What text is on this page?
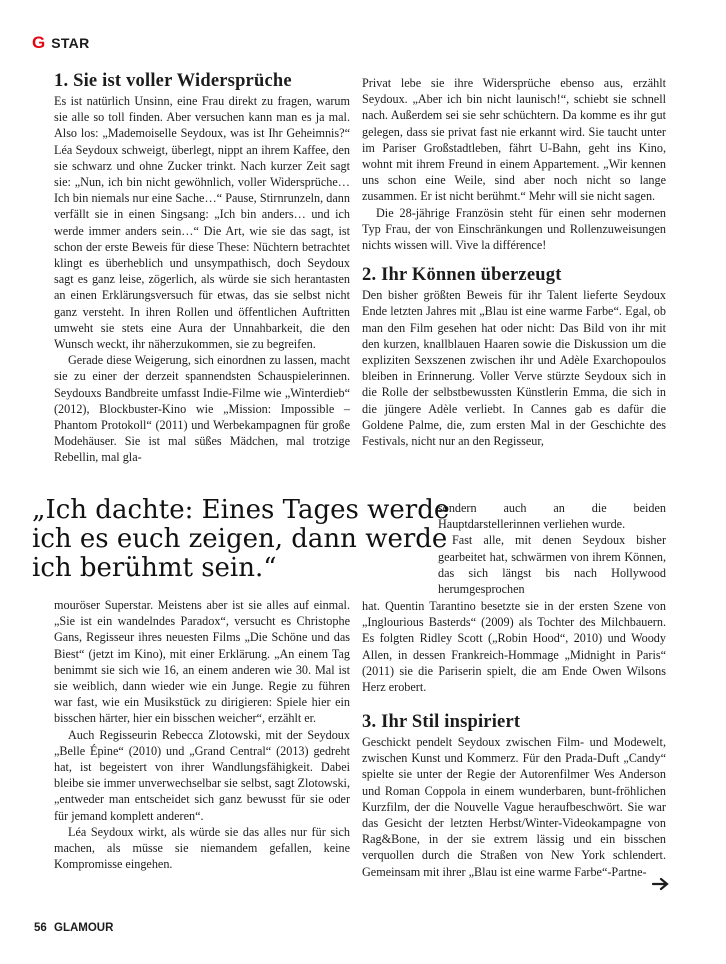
G STAR
1. Sie ist voller Widersprüche

Es ist natürlich Unsinn, eine Frau direkt zu fragen, warum sie alle so toll finden. Aber versuchen kann man es ja mal. Also los: „Mademoiselle Seydoux, was ist Ihr Geheimnis?“ Léa Seydoux schweigt, überlegt, nippt an ihrem Kaffee, den sie schwarz und ohne Zucker trinkt. Nach kurzer Zeit sagt sie: „Nun, ich bin nicht gewöhnlich, voller Widersprüche… Ich bin niemals nur eine Sache…“ Pause, Stirnrunzeln, dann verfällt sie in einen Singsang: „Ich bin anders… und ich werde immer anders sein…“ Die Art, wie sie das sagt, ist schon der erste Beweis für diese These: Nüchtern betrachtet klingt es überheblich und unsympathisch, doch Seydoux sagt es ganz leise, zögerlich, als würde sie sich herantasten an einen Erklärungsversuch für etwas, das sie selbst nicht ganz versteht. In ihren Rollen und öffentlichen Auftritten umweht sie stets eine Aura der Unnahbarkeit, die den Wunsch weckt, ihr näherzukommen, sie zu begreifen.

Gerade diese Weigerung, sich einordnen zu lassen, macht sie zu einer der derzeit spannendsten Schauspielerinnen. Seydouxs Bandbreite umfasst Indie-Filme wie „Winterdieb“ (2012), Blockbuster-Kino wie „Mission: Impossible – Phantom Protokoll“ (2011) und Werbekampagnen für große Modehäuser. Sie ist mal süßes Mädchen, mal trotzige Rebellin, mal gla-

„Ich dachte: Eines Tages werde ich es euch zeigen, dann werde ich berühmt sein.“

mouröser Superstar. Meistens aber ist sie alles auf einmal. „Sie ist ein wandelndes Paradox“, versucht es Christophe Gans, Regisseur ihres neuesten Films „Die Schöne und das Biest“ (jetzt im Kino), mit einer Erklärung. „An einem Tag benimmt sie sich wie 16, an einem anderen wie 30. Mal ist sie weiblich, dann wieder wie ein Junge. Regie zu führen war fast, wie ein Musikstück zu dirigieren: Spiele hier ein bisschen härter, hier ein bisschen weicher“, erzählt er.

Auch Regisseurin Rebecca Zlotowski, mit der Seydoux „Belle Épine“ (2010) und „Grand Central“ (2013) gedreht hat, ist begeistert von ihrer Wandlungsfähigkeit. Dabei bleibe sie immer unverwechselbar sie selbst, sagt Zlotowski, „entweder man entscheidet sich ganz bewusst für sie oder für jemand komplett anderen“.

Léa Seydoux wirkt, als würde sie das alles nur für sich machen, als müsse sie niemandem gefallen, keine Kompromisse eingehen.

Privat lebe sie ihre Widersprüche ebenso aus, erzählt Seydoux. „Aber ich bin nicht launisch!“, schiebt sie schnell nach. Außerdem sei sie sehr schüchtern. Da komme es ihr gut gelegen, dass sie privat fast nie erkannt wird. Sie taucht unter im Pariser Großstadtleben, fährt U-Bahn, geht ins Kino, wohnt mit ihrem Freund in einem Appartement. „Wir kennen uns schon eine Weile, sind aber noch nicht so lange zusammen. Er ist nicht berühmt.“ Mehr will sie nicht sagen.

Die 28-jährige Französin steht für einen sehr modernen Typ Frau, der von Einschränkungen und Rollenzuweisungen nichts wissen will. Vive la différence!

2. Ihr Können überzeugt

Den bisher größten Beweis für ihr Talent lieferte Seydoux Ende letzten Jahres mit „Blau ist eine warme Farbe“. Egal, ob man den Film gesehen hat oder nicht: Das Bild von ihr mit den kurzen, knallblauen Haaren sowie die Diskussion um die expliziten Sexszenen zwischen ihr und Adèle Exarchopoulos bleiben in Erinnerung. Voller Verve stürzte Seydoux sich in die Rolle der selbstbewussten Künstlerin Emma, die sich in die jüngere Adèle verliebt. In Cannes gab es dafür die Goldene Palme, die, zum ersten Mal in der Geschichte des Festivals, nicht nur an den Regisseur,

sondern auch an die beiden Hauptdarstellerinnen verliehen wurde.

Fast alle, mit denen Seydoux bisher gearbeitet hat, schwärmen von ihrem Können, das sich längst bis nach Hollywood herumgesprochen

hat. Quentin Tarantino besetzte sie in der ersten Szene von „Inglourious Basterds“ (2009) als Tochter des Milchbauern. Es folgten Ridley Scott („Robin Hood“, 2010) und Woody Allen, in dessen Frankreich-Hommage „Midnight in Paris“ (2011) sie die Pariserin spielt, die am Ende Owen Wilsons Herz erobert.

3. Ihr Stil inspiriert

Geschickt pendelt Seydoux zwischen Film- und Modewelt, zwischen Kunst und Kommerz. Für den Prada-Duft „Candy“ spielte sie unter der Regie der Autorenfilmer Wes Anderson und Roman Coppola in einem wunderbaren, bunt-fröhlichen Kurzfilm, der die Nouvelle Vague heraufbeschwört. Sie war das Gesicht der letzten Herbst/Winter-Videokampagne von Rag&Bone, in der sie extrem lässig und ein bisschen verquollen durch die Straßen von New York schlendert. Gemeinsam mit ihrer „Blau ist eine warme Farbe“-Partne-

56 GLAMOUR
